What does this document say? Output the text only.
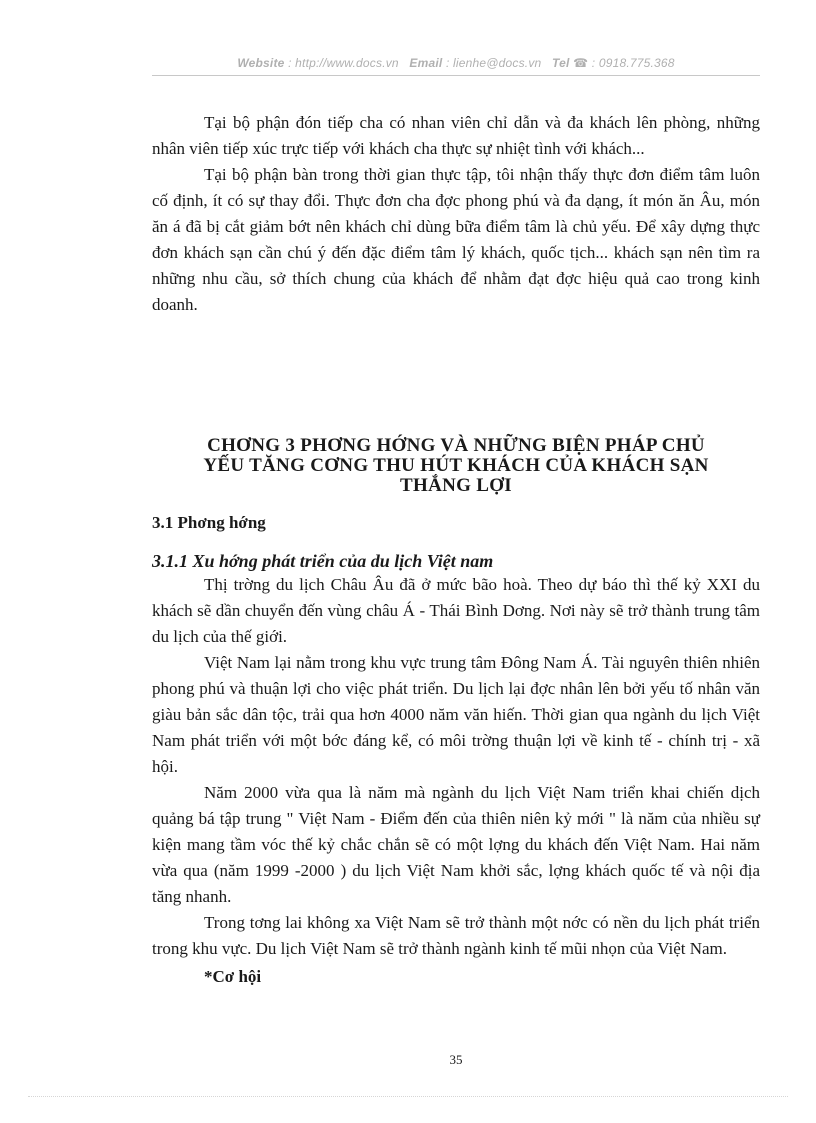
Website : http://www.docs.vn Email : lienhe@docs.vn Tel ☎ : 0918.775.368

Tại bộ phận đón tiếp cha có nhan viên chỉ dẫn và đa khách lên phòng, những nhân viên tiếp xúc trực tiếp với khách cha thực sự nhiệt tình với khách...

Tại bộ phận bàn trong thời gian thực tập, tôi nhận thấy thực đơn điểm tâm luôn cố định, ít có sự thay đổi. Thực đơn cha đợc phong phú và đa dạng, ít món ăn Âu, món ăn á đã bị cắt giảm bớt nên khách chỉ dùng bữa điểm tâm là chủ yếu. Để xây dựng thực đơn khách sạn cần chú ý đến đặc điểm tâm lý khách, quốc tịch... khách sạn nên tìm ra những nhu cầu, sở thích chung của khách để nhằm đạt đợc hiệu quả cao trong kinh doanh.

CHƠNG 3 PHƠNG HỚNG VÀ NHỮNG BIỆN PHÁP CHỦ
YẾU TĂNG CƠNG THU HÚT KHÁCH CỦA KHÁCH SẠN
THẮNG LỢI
3.1 Phơng hớng
3.1.1 Xu hớng phát triển của du lịch Việt nam

Thị trờng du lịch Châu Âu đã ở mức bão hoà. Theo dự báo thì thế kỷ XXI du khách sẽ dần chuyển đến vùng châu Á - Thái Bình Dơng. Nơi này sẽ trở thành trung tâm du lịch của thế giới.

Việt Nam lại nằm trong khu vực trung tâm Đông Nam Á. Tài nguyên thiên nhiên phong phú và thuận lợi cho việc phát triển. Du lịch lại đợc nhân lên bởi yếu tố nhân văn giàu bản sắc dân tộc, trải qua hơn 4000 năm văn hiến. Thời gian qua ngành du lịch Việt Nam phát triển với một bớc đáng kể, có môi trờng thuận lợi về kinh tế - chính trị - xã hội.

Năm 2000 vừa qua là năm mà ngành du lịch Việt Nam triển khai chiến dịch quảng bá tập trung " Việt Nam - Điểm đến của thiên niên kỷ mới " là năm của nhiều sự kiện mang tầm vóc thế kỷ chắc chắn sẽ có một lợng du khách đến Việt Nam. Hai năm vừa qua (năm 1999 -2000 ) du lịch Việt Nam khởi sắc, lợng khách quốc tế và nội địa tăng nhanh.

Trong tơng lai không xa Việt Nam sẽ trở thành một nớc có nền du lịch phát triển trong khu vực. Du lịch Việt Nam sẽ trở thành ngành kinh tế mũi nhọn của Việt Nam.

*Cơ hội
35
